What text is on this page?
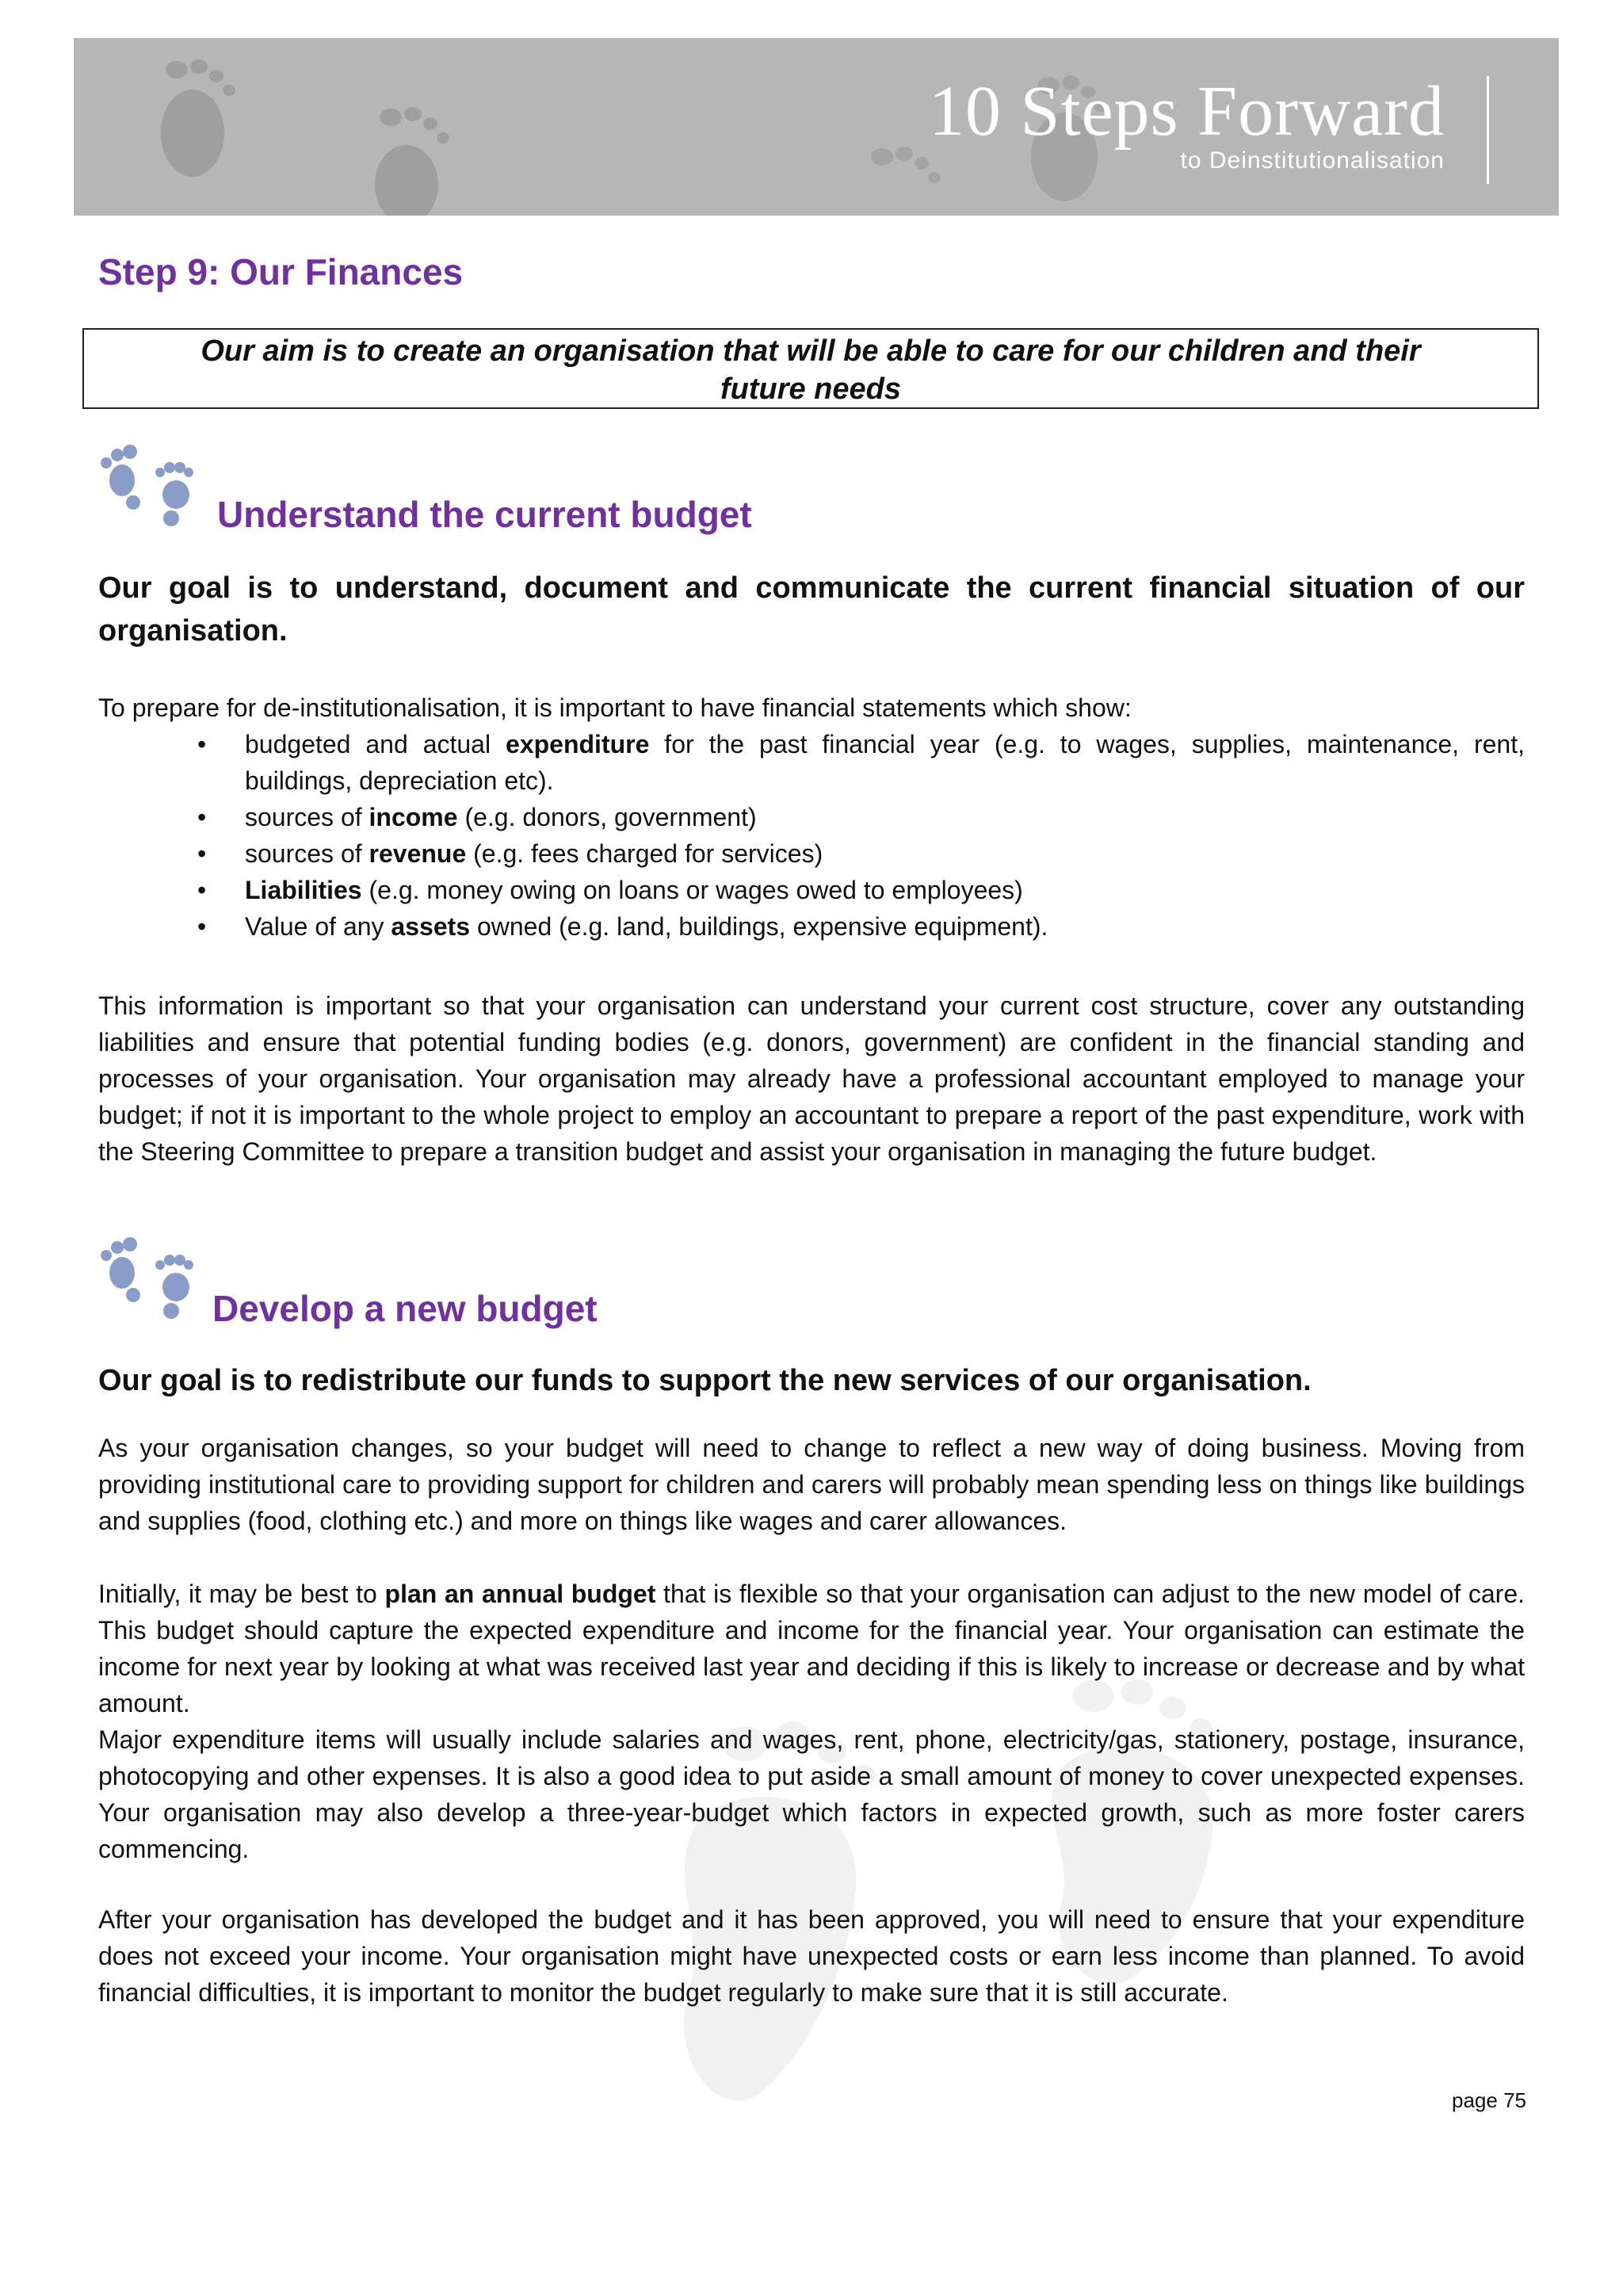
10 Steps Forward
to Deinstitutionalisation
Step 9: Our Finances
Our aim is to create an organisation that will be able to care for our children and their
future needs
Understand the current budget
Our goal is to understand, document and communicate the current financial situation of our organisation.
To prepare for de-institutionalisation, it is important to have financial statements which show:
• budgeted and actual expenditure for the past financial year (e.g. to wages, supplies, maintenance, rent, buildings, depreciation etc).
• sources of income (e.g. donors, government)
• sources of revenue (e.g. fees charged for services)
• Liabilities (e.g. money owing on loans or wages owed to employees)
• Value of any assets owned (e.g. land, buildings, expensive equipment).
This information is important so that your organisation can understand your current cost structure, cover any outstanding liabilities and ensure that potential funding bodies (e.g. donors, government) are confident in the financial standing and processes of your organisation. Your organisation may already have a professional accountant employed to manage your budget; if not it is important to the whole project to employ an accountant to prepare a report of the past expenditure, work with the Steering Committee to prepare a transition budget and assist your organisation in managing the future budget.
Develop a new budget
Our goal is to redistribute our funds to support the new services of our organisation.
As your organisation changes, so your budget will need to change to reflect a new way of doing business. Moving from providing institutional care to providing support for children and carers will probably mean spending less on things like buildings and supplies (food, clothing etc.) and more on things like wages and carer allowances.
Initially, it may be best to plan an annual budget that is flexible so that your organisation can adjust to the new model of care. This budget should capture the expected expenditure and income for the financial year. Your organisation can estimate the income for next year by looking at what was received last year and deciding if this is likely to increase or decrease and by what amount.
Major expenditure items will usually include salaries and wages, rent, phone, electricity/gas, stationery, postage, insurance, photocopying and other expenses. It is also a good idea to put aside a small amount of money to cover unexpected expenses. Your organisation may also develop a three-year-budget which factors in expected growth, such as more foster carers commencing.
After your organisation has developed the budget and it has been approved, you will need to ensure that your expenditure does not exceed your income. Your organisation might have unexpected costs or earn less income than planned. To avoid financial difficulties, it is important to monitor the budget regularly to make sure that it is still accurate.
page 75
